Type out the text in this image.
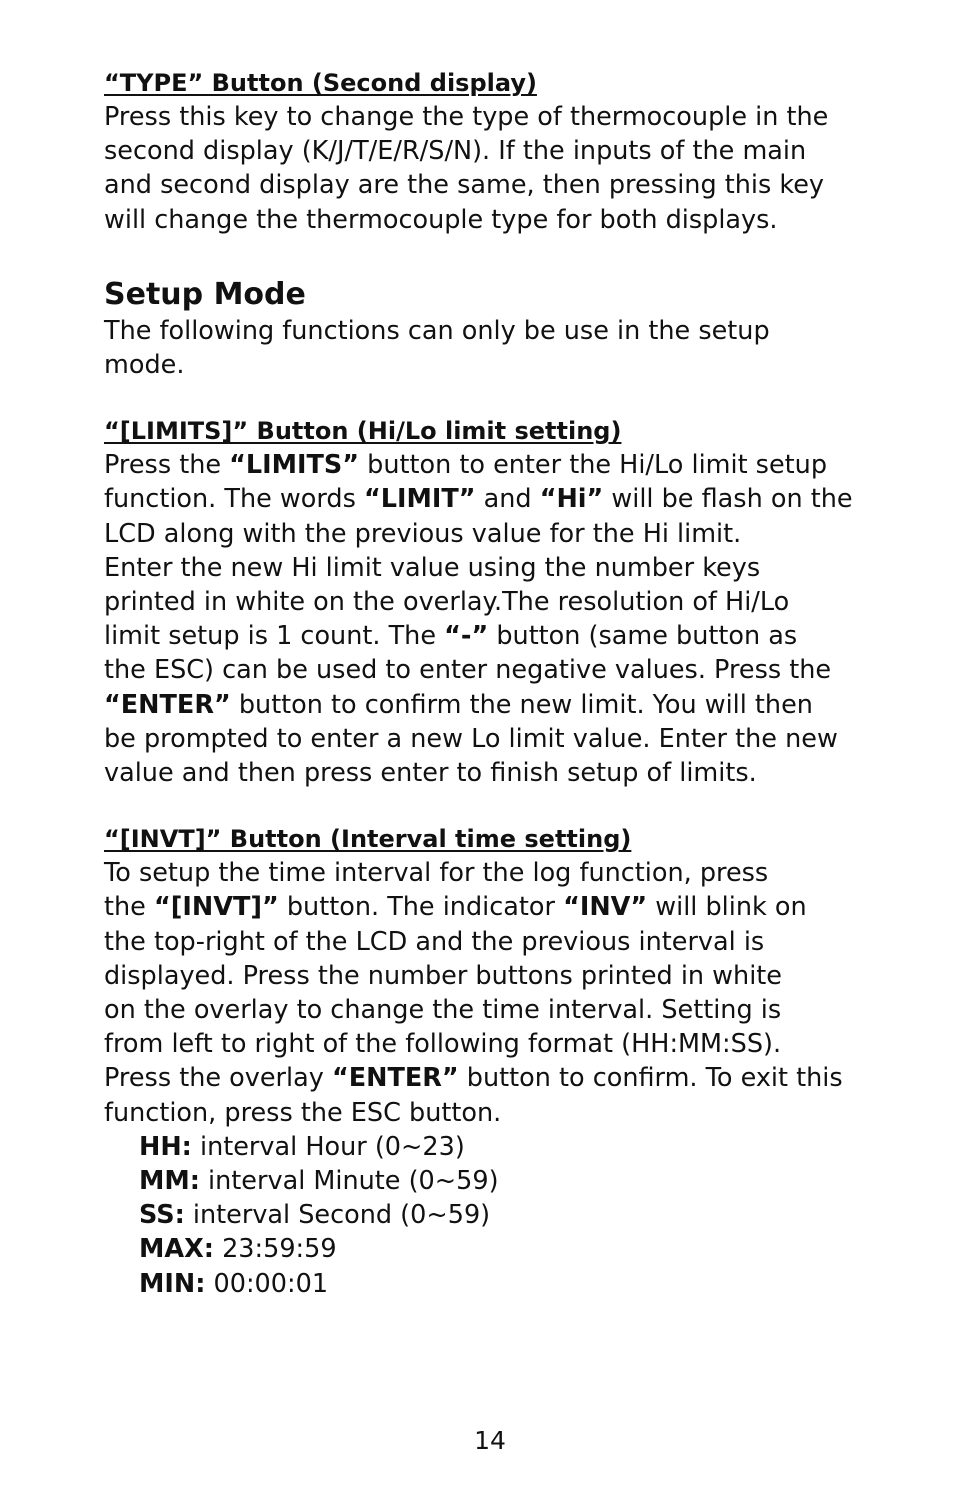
“TYPE” Button (Second display)

Press this key to change the type of thermocouple in the

second display (K/J/T/E/R/S/N). If the inputs of the main

and second display are the same, then pressing this key

will change the thermocouple type for both displays.

Setup Mode

The following functions can only be use in the setup

mode.

“[LIMITS]” Button (Hi/Lo limit setting)

Press the “LIMITS” button to enter the Hi/Lo limit setup

function. The words “LIMIT” and “Hi” will be flash on the

LCD along with the previous value for the Hi limit.

Enter the new Hi limit value using the number keys

printed in white on the overlay.The resolution of Hi/Lo

limit setup is 1 count. The “-” button (same button as

the ESC) can be used to enter negative values. Press the

“ENTER” button to confirm the new limit. You will then

be prompted to enter a new Lo limit value. Enter the new

value and then press enter to finish setup of limits.

“[INVT]” Button (Interval time setting)

To setup the time interval for the log function, press

the “[INVT]” button. The indicator “INV” will blink on

the top-right of the LCD and the previous interval is

displayed. Press the number buttons printed in white

on the overlay to change the time interval. Setting is

from left to right of the following format (HH:MM:SS).

Press the overlay “ENTER” button to confirm. To exit this

function, press the ESC button.

HH: interval Hour (0~23)

MM: interval Minute (0~59)

SS: interval Second (0~59)

MAX: 23:59:59

MIN: 00:00:01

14
